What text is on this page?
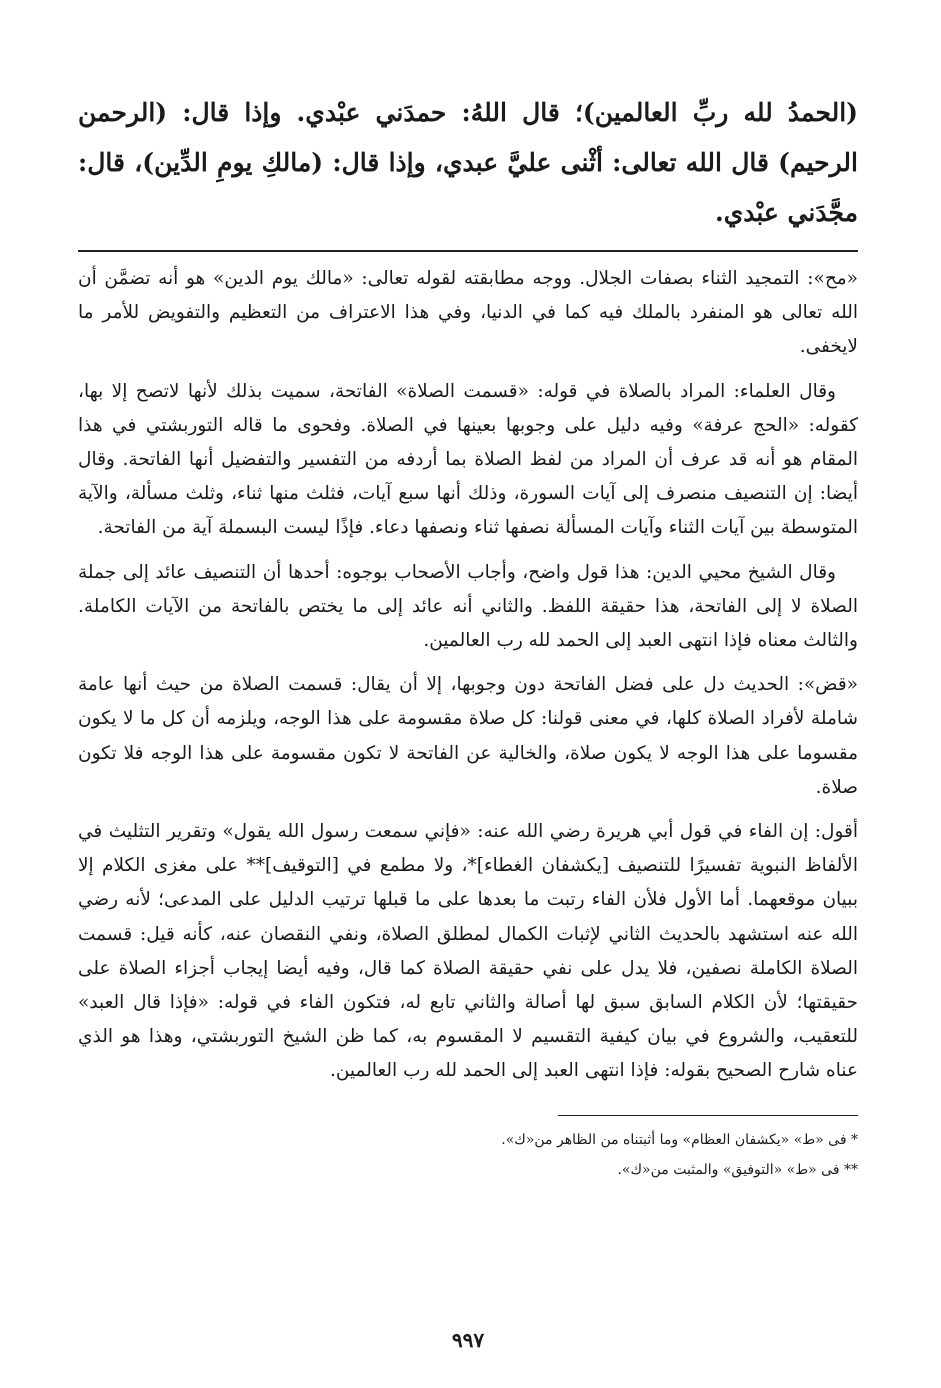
(الحمدُ لله ربِّ العالمين)؛ قال اللهُ: حمدَني عبْدي. وإذا قال: (الرحمن الرحيم) قال الله تعالى: أثْنى عليَّ عبدي، وإذا قال: (مالكِ يومِ الدِّين)، قال: مجَّدَني عبْدي.

«مح»: التمجيد الثناء بصفات الجلال. ووجه مطابقته لقوله تعالى: «مالك يوم الدين» هو أنه تضمَّن أن الله تعالى هو المنفرد بالملك فيه كما في الدنيا، وفي هذا الاعتراف من التعظيم والتفويض للأمر ما لايخفى.

وقال العلماء: المراد بالصلاة في قوله: «قسمت الصلاة» الفاتحة، سميت بذلك لأنها لاتصح إلا بها، كقوله: «الحج عرفة» وفيه دليل على وجوبها بعينها في الصلاة. وفحوى ما قاله التوربشتي في هذا المقام هو أنه قد عرف أن المراد من لفظ الصلاة بما أردفه من التفسير والتفضيل أنها الفاتحة. وقال أيضا: إن التنصيف منصرف إلى آيات السورة، وذلك أنها سبع آيات، فثلث منها ثناء، وثلث مسألة، والآية المتوسطة بين آيات الثناء وآيات المسألة نصفها ثناء ونصفها دعاء. فإذًا ليست البسملة آية من الفاتحة.

وقال الشيخ محيي الدين: هذا قول واضح، وأجاب الأصحاب بوجوه: أحدها أن التنصيف عائد إلى جملة الصلاة لا إلى الفاتحة، هذا حقيقة اللفظ. والثاني أنه عائد إلى ما يختص بالفاتحة من الآيات الكاملة. والثالث معناه فإذا انتهى العبد إلى الحمد لله رب العالمين.

«قض»: الحديث دل على فضل الفاتحة دون وجوبها، إلا أن يقال: قسمت الصلاة من حيث أنها عامة شاملة لأفراد الصلاة كلها، في معنى قولنا: كل صلاة مقسومة على هذا الوجه، ويلزمه أن كل ما لا يكون مقسوما على هذا الوجه لا يكون صلاة، والخالية عن الفاتحة لا تكون مقسومة على هذا الوجه فلا تكون صلاة.

أقول: إن الفاء في قول أبي هريرة رضي الله عنه: «فإني سمعت رسول الله يقول» وتقرير التثليث في الألفاظ النبوية تفسيرًا للتنصيف [يكشفان الغطاء]*، ولا مطمع في [التوقيف]** على مغزى الكلام إلا ببيان موقعهما. أما الأول فلأن الفاء رتبت ما بعدها على ما قبلها ترتيب الدليل على المدعى؛ لأنه رضي الله عنه استشهد بالحديث الثاني لإثبات الكمال لمطلق الصلاة، ونفي النقصان عنه، كأنه قيل: قسمت الصلاة الكاملة نصفين، فلا يدل على نفي حقيقة الصلاة كما قال، وفيه أيضا إيجاب أجزاء الصلاة على حقيقتها؛ لأن الكلام السابق سبق لها أصالة والثاني تابع له، فتكون الفاء في قوله: «فإذا قال العبد» للتعقيب، والشروع في بيان كيفية التقسيم لا المقسوم به، كما ظن الشيخ التوربشتي، وهذا هو الذي عناه شارح الصحيح بقوله: فإذا انتهى العبد إلى الحمد لله رب العالمين.

* فى «ط» «يكشفان العظام» وما أثبتناه من الظاهر من«ك».

** فى «ط» «التوفيق» والمثبت من«ك».

٩٩٧
